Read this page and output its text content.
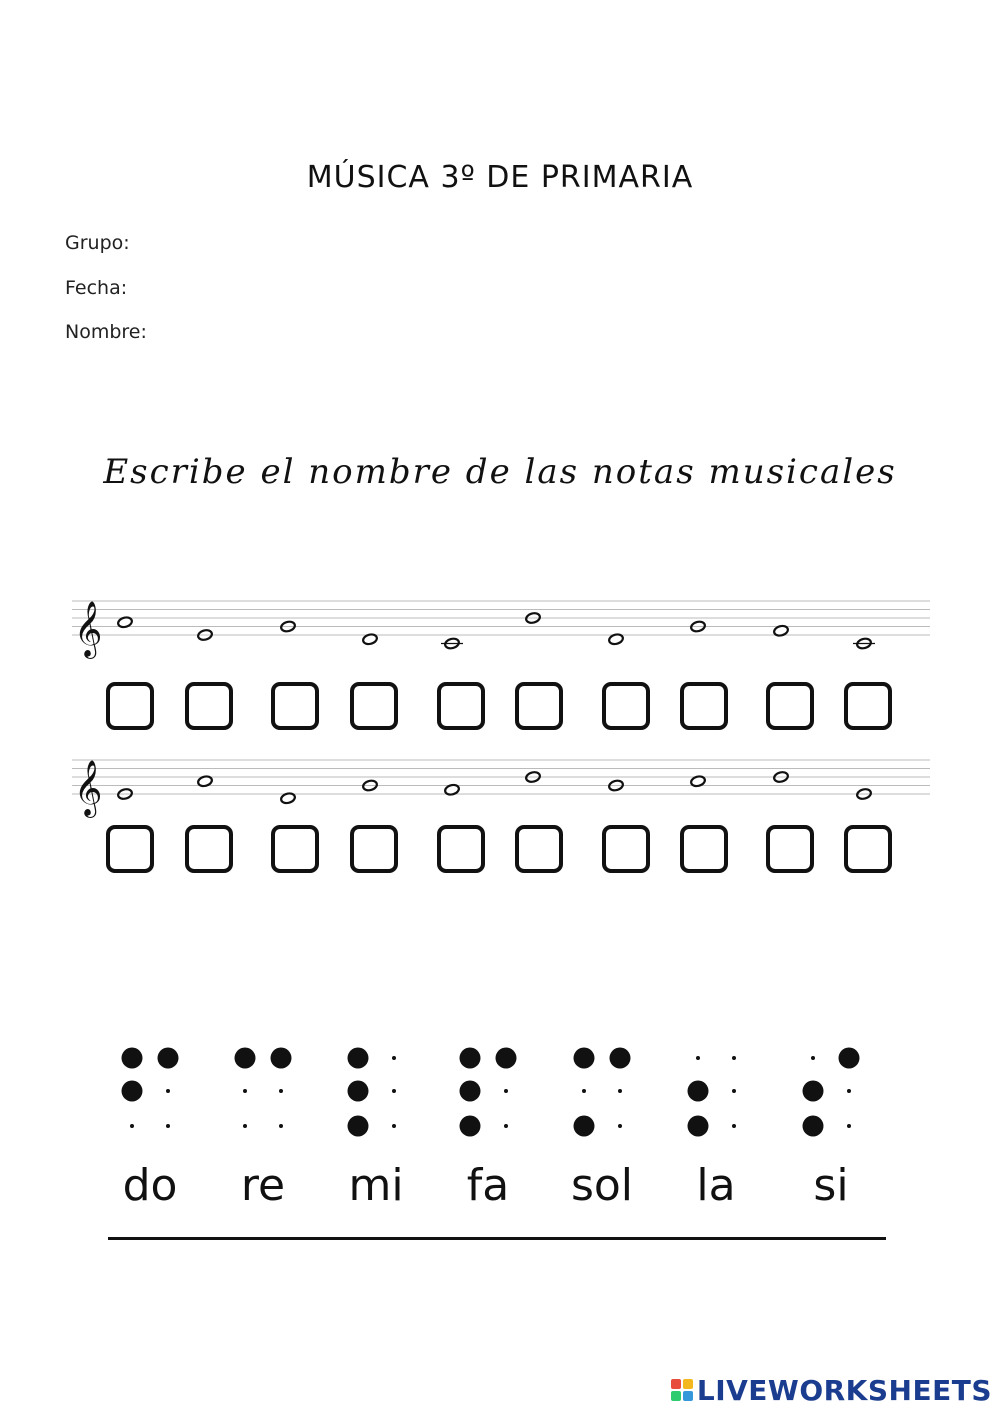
MÚSICA 3º DE PRIMARIA
Grupo:
Fecha:
Nombre:
Escribe el nombre de las notas musicales
𝄞
𝄞
do	re	mi	fa	sol	la	si
LIVEWORKSHEETS
